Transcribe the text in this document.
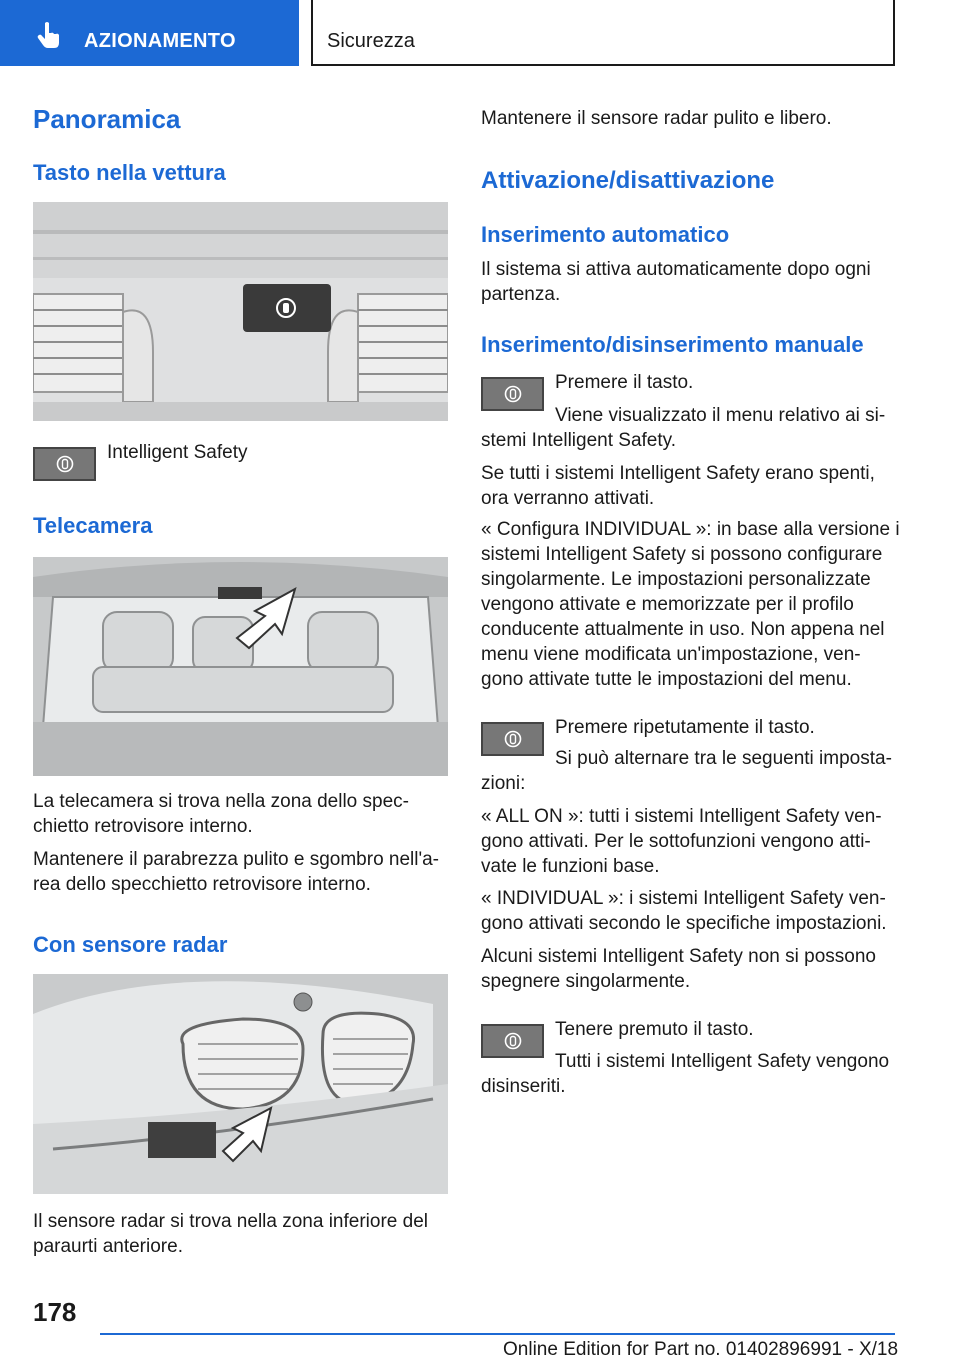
AZIONAMENTO	Sicurezza
Panoramica
Tasto nella vettura
Intelligent Safety
Telecamera
La telecamera si trova nella zona dello spec-
chietto retrovisore interno.
Mantenere il parabrezza pulito e sgombro nell'a-
rea dello specchietto retrovisore interno.
Con sensore radar
Il sensore radar si trova nella zona inferiore del
paraurti anteriore.
Mantenere il sensore radar pulito e libero.
Attivazione/disattivazione
Inserimento automatico
Il sistema si attiva automaticamente dopo ogni
partenza.
Inserimento/disinserimento manuale
Premere il tasto.
Viene visualizzato il menu relativo ai si-
stemi Intelligent Safety.
Se tutti i sistemi Intelligent Safety erano spenti,
ora verranno attivati.
« Configura INDIVIDUAL »: in base alla versione i
sistemi Intelligent Safety si possono configurare
singolarmente. Le impostazioni personalizzate
vengono attivate e memorizzate per il profilo
conducente attualmente in uso. Non appena nel
menu viene modificata un'impostazione, ven-
gono attivate tutte le impostazioni del menu.
Premere ripetutamente il tasto.
Si può alternare tra le seguenti imposta-
zioni:
« ALL ON »: tutti i sistemi Intelligent Safety ven-
gono attivati. Per le sottofunzioni vengono atti-
vate le funzioni base.
« INDIVIDUAL »: i sistemi Intelligent Safety ven-
gono attivati secondo le specifiche impostazioni.
Alcuni sistemi Intelligent Safety non si possono
spegnere singolarmente.
Tenere premuto il tasto.
Tutti i sistemi Intelligent Safety vengono
disinseriti.
178
Online Edition for Part no. 01402896991 - X/18
